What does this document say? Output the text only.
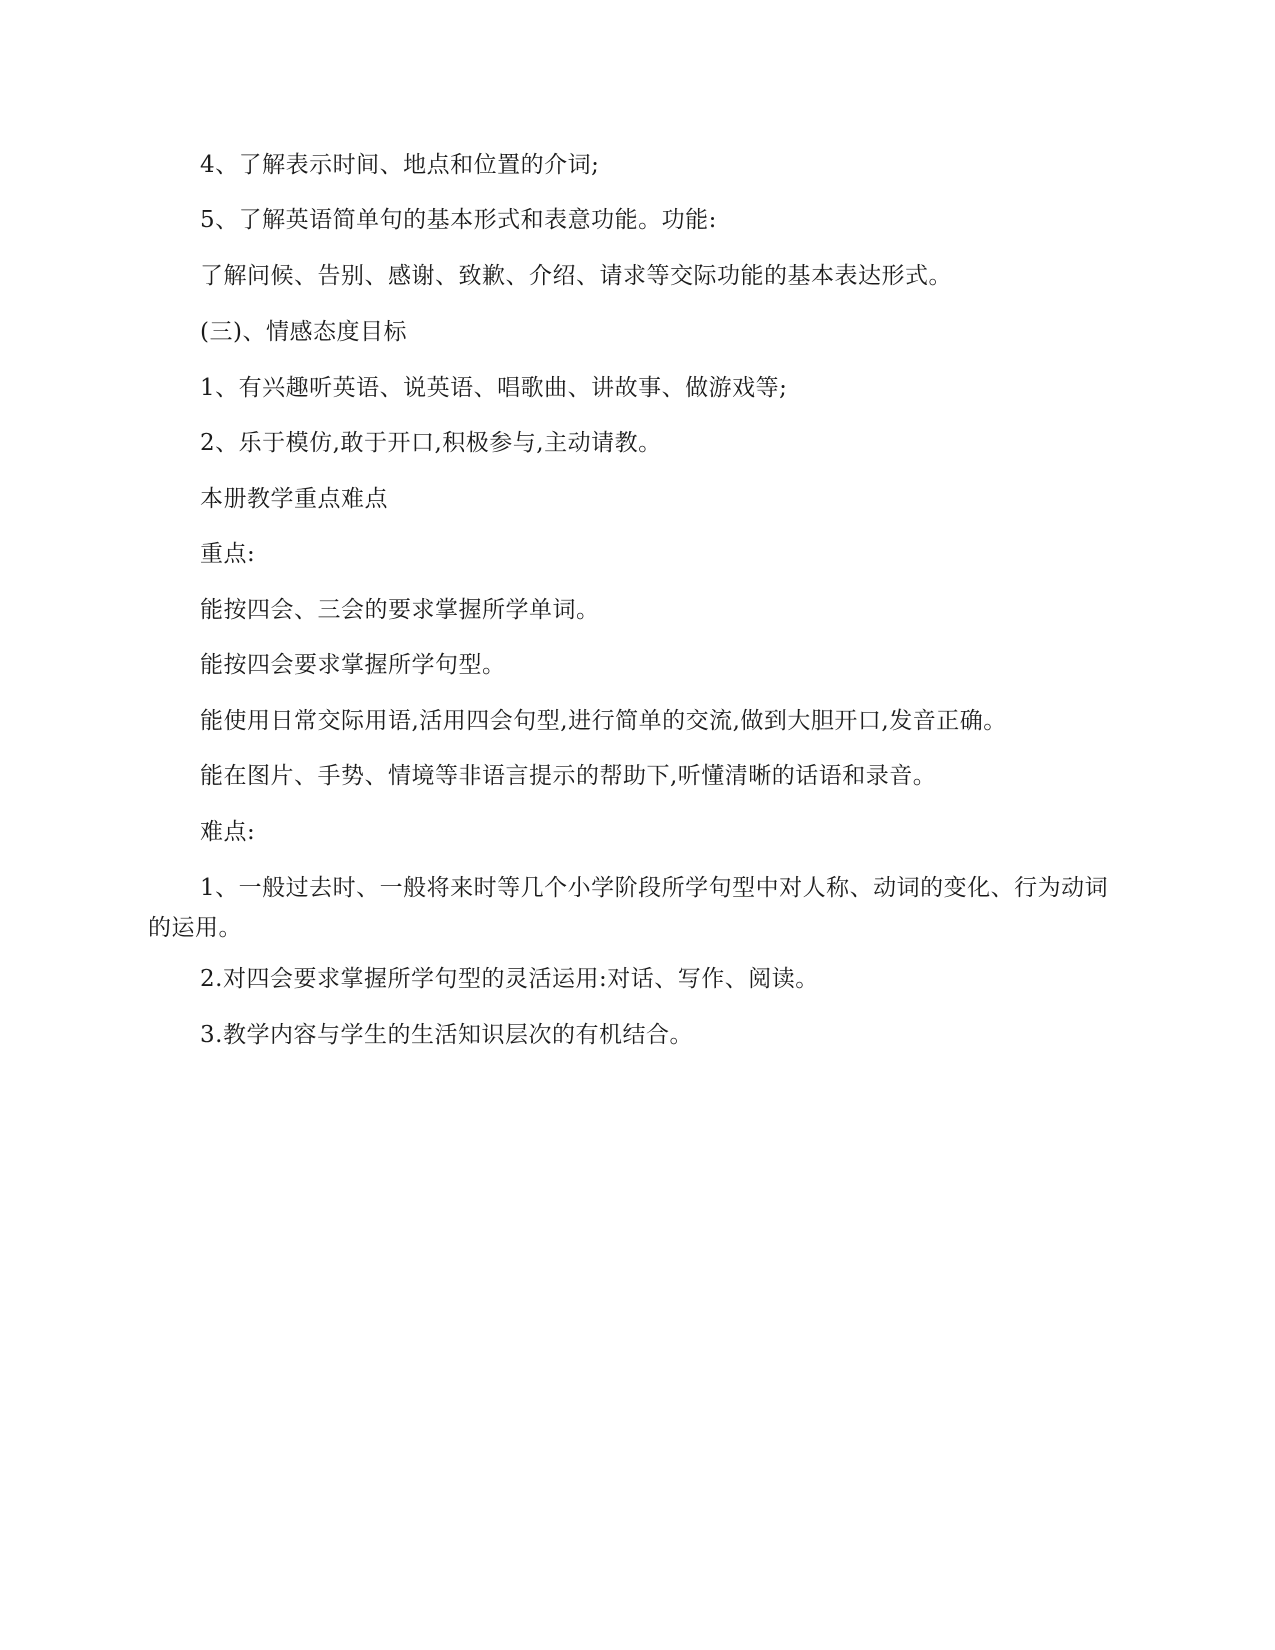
4、了解表示时间、地点和位置的介词;
5、了解英语简单句的基本形式和表意功能。功能:
了解问候、告别、感谢、致歉、介绍、请求等交际功能的基本表达形式。
(三)、情感态度目标
1、有兴趣听英语、说英语、唱歌曲、讲故事、做游戏等;
2、乐于模仿,敢于开口,积极参与,主动请教。
本册教学重点难点
重点:
能按四会、三会的要求掌握所学单词。
能按四会要求掌握所学句型。
能使用日常交际用语,活用四会句型,进行简单的交流,做到大胆开口,发音正确。
能在图片、手势、情境等非语言提示的帮助下,听懂清晰的话语和录音。
难点:
1、一般过去时、一般将来时等几个小学阶段所学句型中对人称、动词的变化、行为动词的运用。
2.对四会要求掌握所学句型的灵活运用:对话、写作、阅读。
3.教学内容与学生的生活知识层次的有机结合。
